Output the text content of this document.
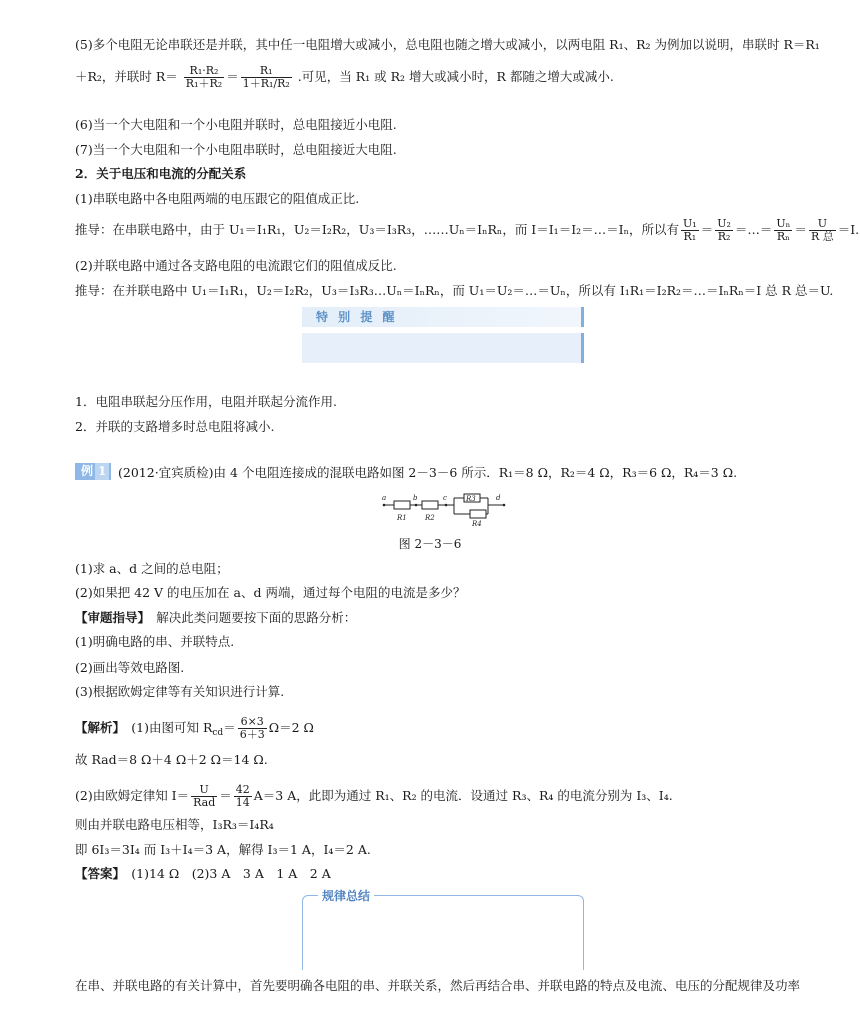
(5)多个电阻无论串联还是并联，其中任一电阻增大或减小，总电阻也随之增大或减小，以两电阻 R₁、R₂ 为例加以说明，串联时 R＝R₁
＋R₂，并联时 $R= \frac{\text{R₁·R₂}}{\text{R₁＋R₂}} = \frac{\text{R₁}}{\text{1＋R₁/R₂}}$ .可见，当 R₁ 或 R₂ 增大或减小时，R 都随之增大或减小.
(6)当一个大电阻和一个小电阻并联时，总电阻接近小电阻.
(7)当一个大电阻和一个小电阻串联时，总电阻接近大电阻.
2．关于电压和电流的分配关系
(1)串联电路中各电阻两端的电压跟它的阻值成正比.
推导：在串联电路中，由于 U₁＝I₁R₁，U₂＝I₂R₂，U₃＝I₃R₃，……Uₙ＝IₙRₙ，而 I＝I₁＝I₂＝…＝Iₙ，所以有 $\frac{\text{U₁}}{\text{R₁}} = \frac{\text{U₂}}{\text{R₂}}$ ＝…＝ $\frac{\text{Uₙ}}{\text{Rₙ}} = \frac{U}{\text{R 总}} =I$.
(2)并联电路中通过各支路电阻的电流跟它们的阻值成反比.
推导：在并联电路中 U₁＝I₁R₁，U₂＝I₂R₂，U₃＝I₃R₃…Uₙ＝IₙRₙ，而 U₁＝U₂＝…＝Uₙ，所以有 I₁R₁＝I₂R₂＝…＝IₙRₙ＝I 总 R 总＝U.
特 别 提 醒
1．电阻串联起分压作用，电阻并联起分流作用.
2．并联的支路增多时总电阻将减小.
例 1 (2012·宜宾质检)由 4 个电阻连接成的混联电路如图 2－3－6 所示．R₁＝8 Ω，R₂＝4 Ω，R₃＝6 Ω，R₄＝3 Ω.
a	b	c	d
R1	R2
R3
R4
图 2－3－6
(1)求 a、d 之间的总电阻；
(2)如果把 42 V 的电压加在 a、d 两端，通过每个电阻的电流是多少？
【审题指导】　 解决此类问题要按下面的思路分析：
(1)明确电路的串、并联特点.
(2)画出等效电路图.
(3)根据欧姆定律等有关知识进行计算.
【解析】　 (1)由图可知 $R_{cd}= \frac{6\times 3}{6+3} \Omega=2$ Ω
故 Rad＝8 Ω＋4 Ω＋2 Ω＝14 Ω.
(2)由欧姆定律知 $I= \frac{U}{\text{Rad}} = \frac{42}{14} A=3$ A，此即为通过 R₁、R₂ 的电流．设通过 R₃、R₄ 的电流分别为 I₃、I₄.
则由并联电路电压相等，I₃R₃＝I₄R₄
即 6I₃＝3I₄ 而 I₃＋I₄＝3 A，解得 I₃＝1 A，I₄＝2 A.
【答案】　 (1)14 Ω　(2)3 A　3 A　1 A　2 A
规律总结
在串、并联电路的有关计算中，首先要明确各电阻的串、并联关系，然后再结合串、并联电路的特点及电流、电压的分配规律及功率
